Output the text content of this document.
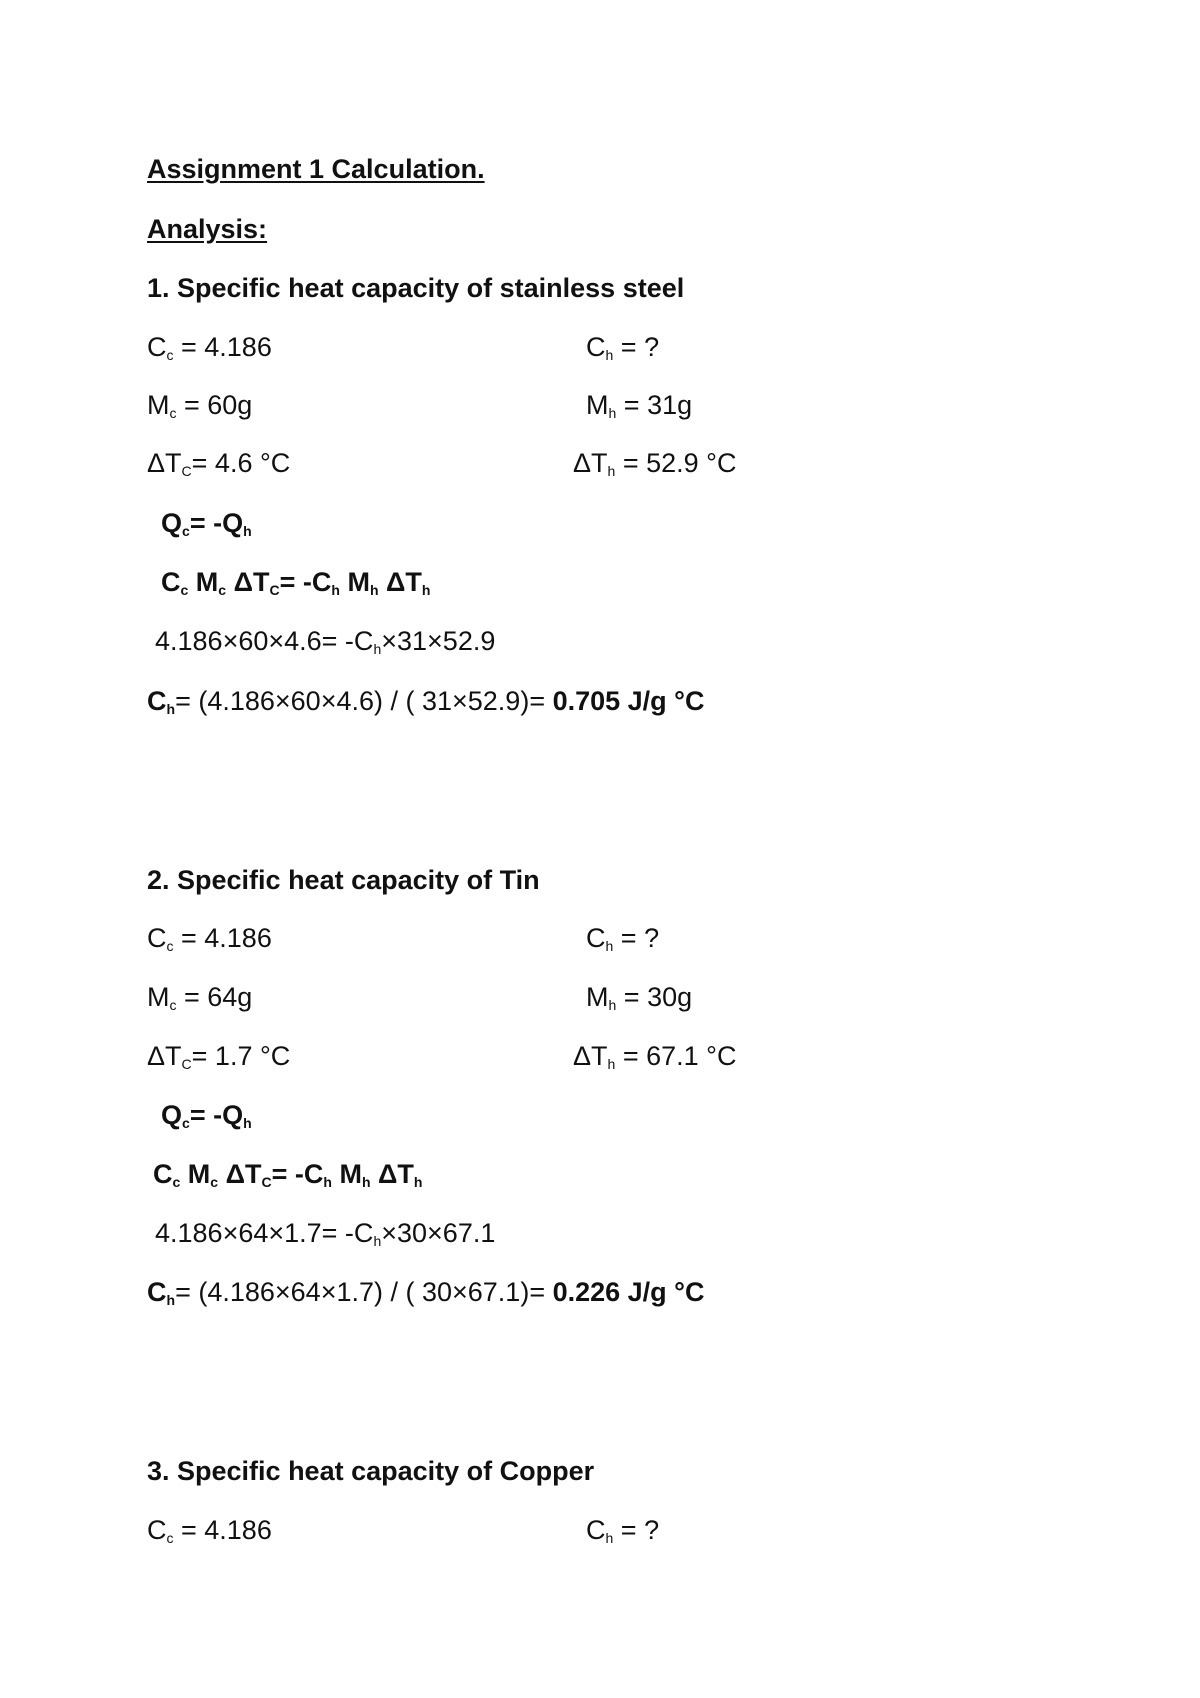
Assignment 1 Calculation.
Analysis:
1. Specific heat capacity of stainless steel
$C_c = 4.186$	$C_h$ = ?
$M_c = 60g$	$M_h = 31g$
$\Delta T_C= 4.6$ °C	$\Delta T_h = 52.9$ °C
$Q_c= -Q_h$
$C_c$ $M_c$ $\Delta T_C= -C_h$ $M_h$ $\Delta T_h$
$4.186\times 60\times 4.6= -C_h\times 31\times 52.9$
$C_h= (4.186\times 60\times 4.6)$ / ( 31×52.9)= 0.705 J/g °C
2. Specific heat capacity of Tin
$C_c = 4.186$	$C_h$ = ?
$M_c = 64g$	$M_h = 30g$
$\Delta T_C= 1.7$ °C	$\Delta T_h = 67.1$ °C
$Q_c= -Q_h$
$C_c$ $M_c$ $\Delta T_C= -C_h$ $M_h$ $\Delta T_h$
$4.186\times 64\times 1.7= -C_h\times 30\times 67.1$
$C_h= (4.186\times 64\times 1.7)$ / ( 30×67.1)= 0.226 J/g °C
3. Specific heat capacity of Copper
$C_c = 4.186$	$C_h$ = ?
